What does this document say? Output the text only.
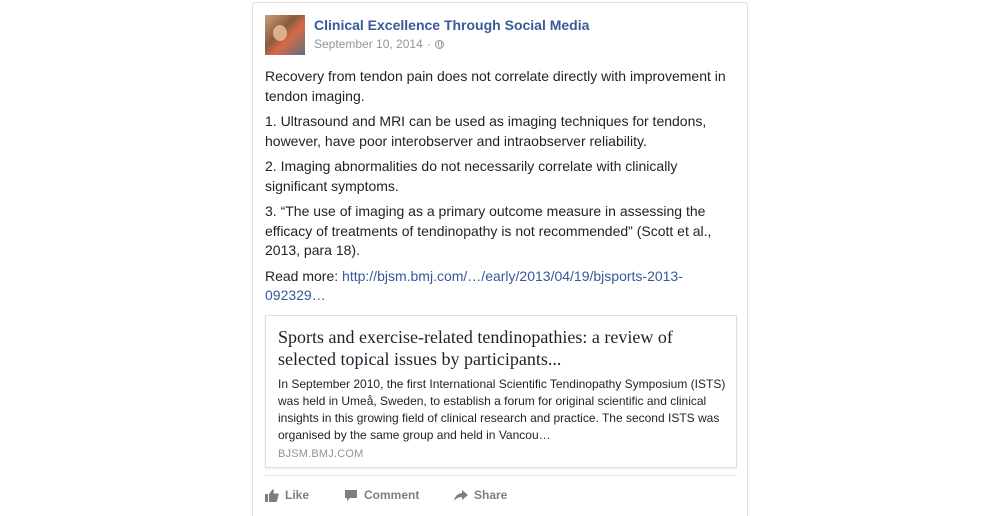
Clinical Excellence Through Social Media
September 10, 2014 ·

Recovery from tendon pain does not correlate directly with improvement in tendon imaging.

1. Ultrasound and MRI can be used as imaging techniques for tendons, however, have poor interobserver and intraobserver reliability.

2. Imaging abnormalities do not necessarily correlate with clinically significant symptoms.

3. “The use of imaging as a primary outcome measure in assessing the efficacy of treatments of tendinopathy is not recommended” (Scott et al., 2013, para 18).

Read more: http://bjsm.bmj.com/…/early/2013/04/19/bjsports-2013-092329…

Sports and exercise-related tendinopathies: a review of selected topical issues by participants...
In September 2010, the first International Scientific Tendinopathy Symposium (ISTS) was held in Umeå, Sweden, to establish a forum for original scientific and clinical insights in this growing field of clinical research and practice. The second ISTS was organised by the same group and held in Vancou…
BJSM.BMJ.COM
Like	Comment	Share
